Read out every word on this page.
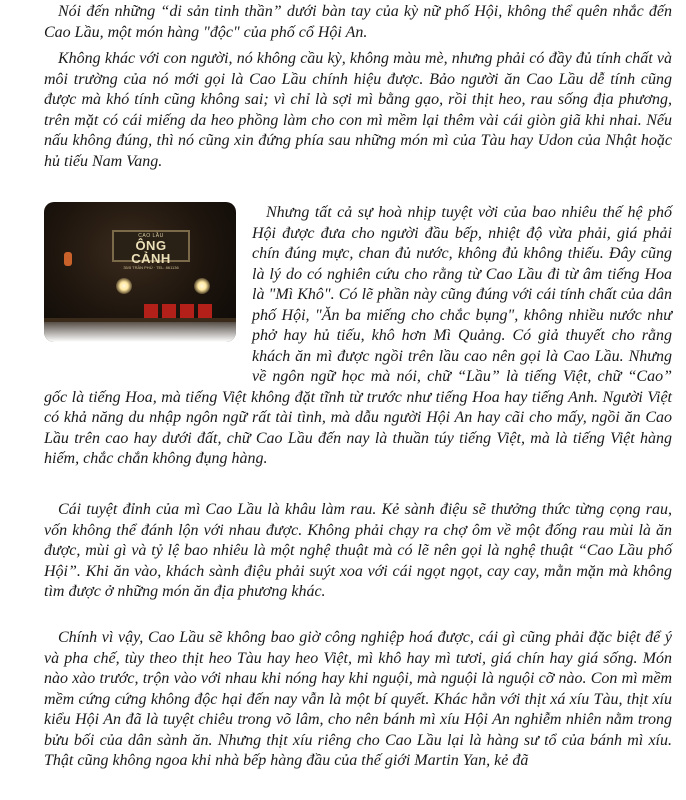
Nói đến những “di sản tinh thần” dưới bàn tay của kỳ nữ phố Hội, không thể quên nhắc đến Cao Lầu, một món hàng "độc" của phố cổ Hội An.

Không khác với con người, nó không cầu kỳ, không màu mè, nhưng phải có đầy đủ tính chất và môi trường của nó mới gọi là Cao Lầu chính hiệu được. Bảo người ăn Cao Lầu dễ tính cũng được mà khó tính cũng không sai; vì chỉ là sợi mì bằng gạo, rồi thịt heo, rau sống địa phương, trên mặt có cái miếng da heo phồng làm cho con mì mềm lại thêm vài cái giòn giã khi nhai. Nếu nấu không đúng, thì nó cũng xin đứng phía sau những món mì của Tàu hay Udon của Nhật hoặc hủ tiếu Nam Vang.

Nhưng tất cả sự hoà nhịp tuyệt vời của bao nhiêu thế hệ phố Hội được đưa cho người đầu bếp, nhiệt độ vừa phải, giá phải chín đúng mực, chan đủ nước, không đủ không thiếu. Đây cũng là lý do có nghiên cứu cho rằng từ Cao Lầu đi từ âm tiếng Hoa là "Mì Khô". Có lẽ phần này cũng đúng với cái tính chất của dân phố Hội, "Ăn ba miếng cho chắc bụng", không nhiều nước như phở hay hủ tiếu, khô hơn Mì Quảng. Có giả thuyết cho rằng khách ăn mì được ngồi trên lầu cao nên gọi là Cao Lầu. Nhưng về ngôn ngữ học mà nói, chữ “Lầu” là tiếng Việt, chữ “Cao” gốc là tiếng Hoa, mà tiếng Việt không đặt tĩnh từ trước như tiếng Hoa hay tiếng Anh. Người Việt có khả năng du nhập ngôn ngữ rất tài tình, mà dẫu người Hội An hay cãi cho mấy, ngồi ăn Cao Lầu trên cao hay dưới đất, chữ Cao Lầu đến nay là thuần túy tiếng Việt, mà là tiếng Việt hàng hiếm, chắc chắn không đụng hàng.

CAO LẦU
ÔNG CẢNH
35/5 TRẦN PHÚ · TEL: 861136

Cái tuyệt đỉnh của mì Cao Lầu là khâu làm rau. Kẻ sành điệu sẽ thưởng thức từng cọng rau, vốn không thể đánh lộn với nhau được. Không phải chạy ra chợ ôm về một đống rau mùi là ăn được, mùi gì và tỷ lệ bao nhiêu là một nghệ thuật mà có lẽ nên gọi là nghệ thuật “Cao Lầu phố Hội”. Khi ăn vào, khách sành điệu phải suýt xoa với cái ngọt ngọt, cay cay, mằn mặn mà không tìm được ở những món ăn địa phương khác.

Chính vì vậy, Cao Lầu sẽ không bao giờ công nghiệp hoá được, cái gì cũng phải đặc biệt để ý và pha chế, tùy theo thịt heo Tàu hay heo Việt, mì khô hay mì tươi, giá chín hay giá sống. Món nào xào trước, trộn vào với nhau khi nóng hay khi nguội, mà nguội là nguội cỡ nào. Con mì mềm mềm cứng cứng không độc hại đến nay vẫn là một bí quyết. Khác hẳn với thịt xá xíu Tàu, thịt xíu kiểu Hội An đã là tuyệt chiêu trong võ lâm, cho nên bánh mì xíu Hội An nghiễm nhiên nằm trong bửu bối của dân sành ăn. Nhưng thịt xíu riêng cho Cao Lầu lại là hàng sư tổ của bánh mì xíu. Thật cũng không ngoa khi nhà bếp hàng đầu của thế giới Martin Yan, kẻ đã
